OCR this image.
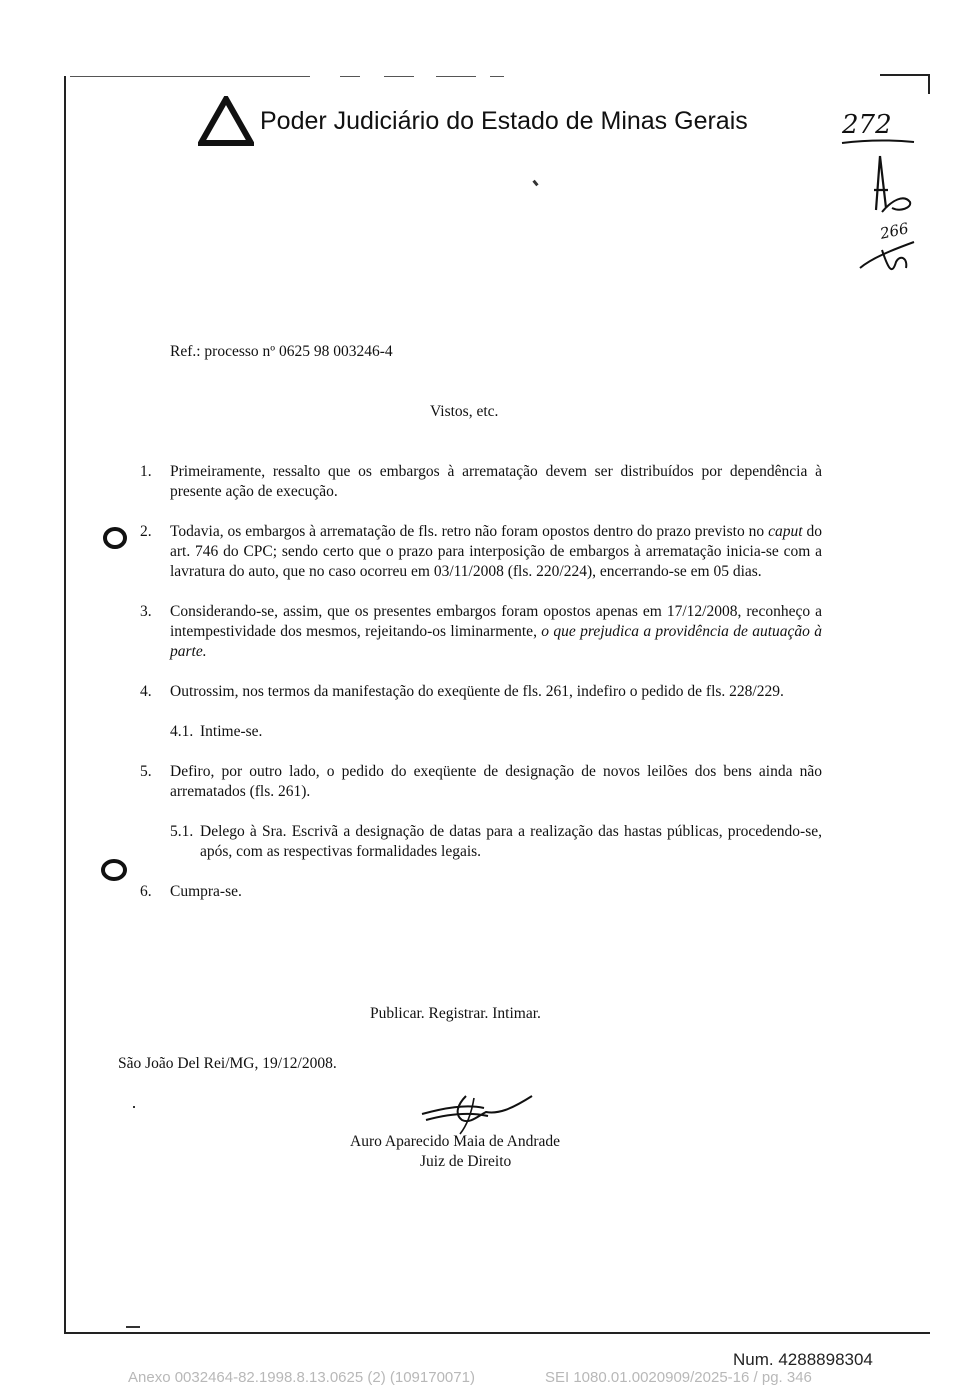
Poder Judiciário do Estado de Minas Gerais	272
266
Ref.: processo nº 0625 98 003246-4
Vistos, etc.
1.	Primeiramente, ressalto que os embargos à arrematação devem ser distribuídos por dependência à presente ação de execução.
2.	Todavia, os embargos à arrematação de fls. retro não foram opostos dentro do prazo previsto no caput do art. 746 do CPC; sendo certo que o prazo para interposição de embargos à arrematação inicia-se com a lavratura do auto, que no caso ocorreu em 03/11/2008 (fls. 220/224), encerrando-se em 05 dias.
3.	Considerando-se, assim, que os presentes embargos foram opostos apenas em 17/12/2008, reconheço a intempestividade dos mesmos, rejeitando-os liminarmente, o que prejudica a providência de autuação à parte.
4.	Outrossim, nos termos da manifestação do exeqüente de fls. 261, indefiro o pedido de fls. 228/229.
4.1. Intime-se.
5.	Defiro, por outro lado, o pedido do exeqüente de designação de novos leilões dos bens ainda não arrematados (fls. 261).
5.1. Delego à Sra. Escrivã a designação de datas para a realização das hastas públicas, procedendo-se, após, com as respectivas formalidades legais.
6.	Cumpra-se.
Publicar. Registrar. Intimar.
São João Del Rei/MG, 19/12/2008.
Auro Aparecido Maia de Andrade
Juiz de Direito
Num. 4288898304
Anexo 0032464-82.1998.8.13.0625 (2) (109170071)	SEI 1080.01.0020909/2025-16 / pg. 346
